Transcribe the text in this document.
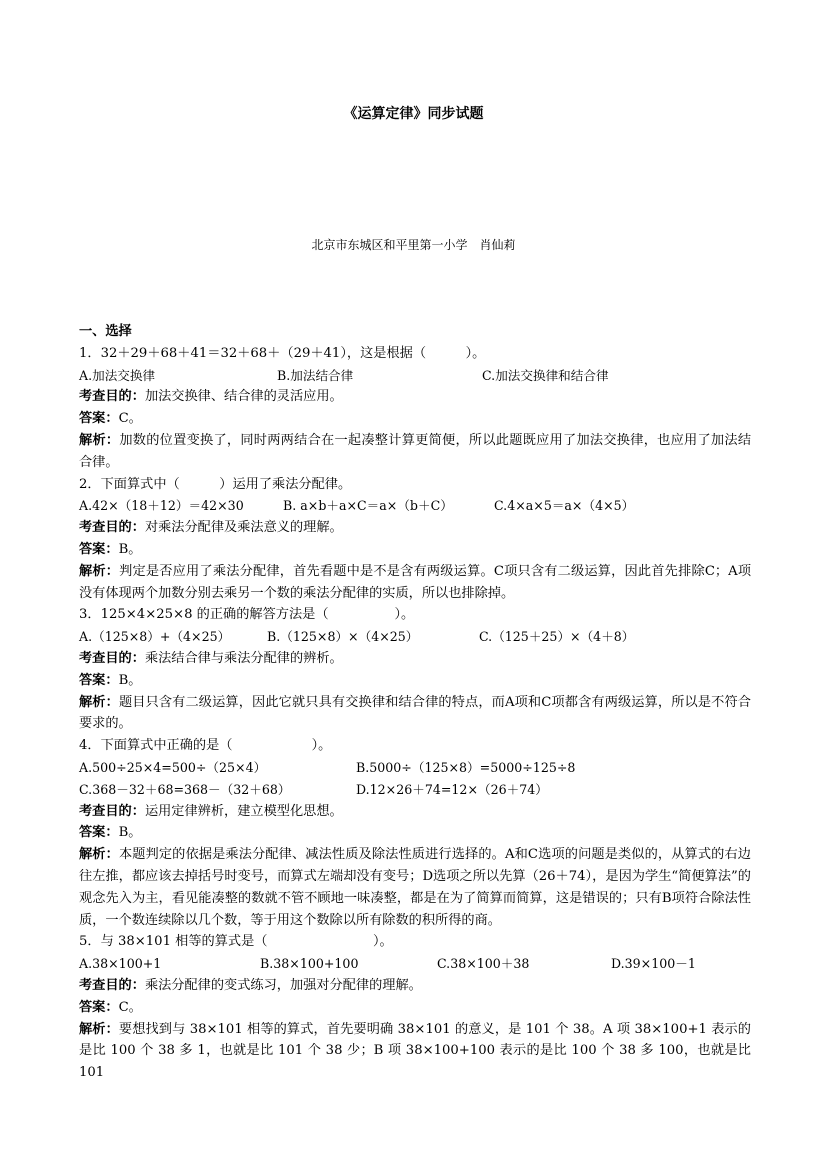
《运算定律》同步试题
北京市东城区和平里第一小学　肖仙莉
一、选择
1．32＋29＋68＋41＝32＋68＋（29＋41），这是根据（　　　）。
A.加法交换律	B.加法结合律	C.加法交换律和结合律
考查目的：加法交换律、结合律的灵活应用。
答案：C。
解析：加数的位置变换了，同时两两结合在一起凑整计算更简便，所以此题既应用了加法交换律，也应用了加法结合律。
2．下面算式中（　　　）运用了乘法分配律。
A.42×（18＋12）＝42×30	B. a×b＋a×C＝a×（b＋C）	C.4×a×5＝a×（4×5）
考查目的：对乘法分配律及乘法意义的理解。
答案：B。
解析：判定是否应用了乘法分配律，首先看题中是不是含有两级运算。C项只含有二级运算，因此首先排除C；A项没有体现两个加数分别去乘另一个数的乘法分配律的实质，所以也排除掉。
3．125×4×25×8 的正确的解答方法是（　　　　　）。
A.（125×8）+（4×25）	B.（125×8）×（4×25）	C.（125＋25）×（4＋8）
考查目的：乘法结合律与乘法分配律的辨析。
答案：B。
解析：题目只含有二级运算，因此它就只具有交换律和结合律的特点，而A项和C项都含有两级运算，所以是不符合要求的。
4．下面算式中正确的是（　　　　　　）。
A.500÷25×4=500÷（25×4）	B.5000÷（125×8）=5000÷125÷8
C.368－32＋68=368－（32＋68）	D.12×26＋74=12×（26＋74）
考查目的：运用定律辨析，建立模型化思想。
答案：B。
解析：本题判定的依据是乘法分配律、减法性质及除法性质进行选择的。A和C选项的问题是类似的，从算式的右边往左推，都应该去掉括号时变号，而算式左端却没有变号；D选项之所以先算（26＋74），是因为学生“简便算法”的观念先入为主，看见能凑整的数就不管不顾地一味凑整，都是在为了简算而简算，这是错误的；只有B项符合除法性质，一个数连续除以几个数，等于用这个数除以所有除数的积所得的商。
5．与 38×101 相等的算式是（　　　　　　　　）。
A.38×100+1	B.38×100+100	C.38×100＋38	D.39×100－1
考查目的：乘法分配律的变式练习，加强对分配律的理解。
答案：C。
解析：要想找到与 38×101 相等的算式，首先要明确 38×101 的意义，是 101 个 38。A 项 38×100+1 表示的是比 100 个 38 多 1，也就是比 101 个 38 少；B 项 38×100+100 表示的是比 100 个 38 多 100，也就是比 101
